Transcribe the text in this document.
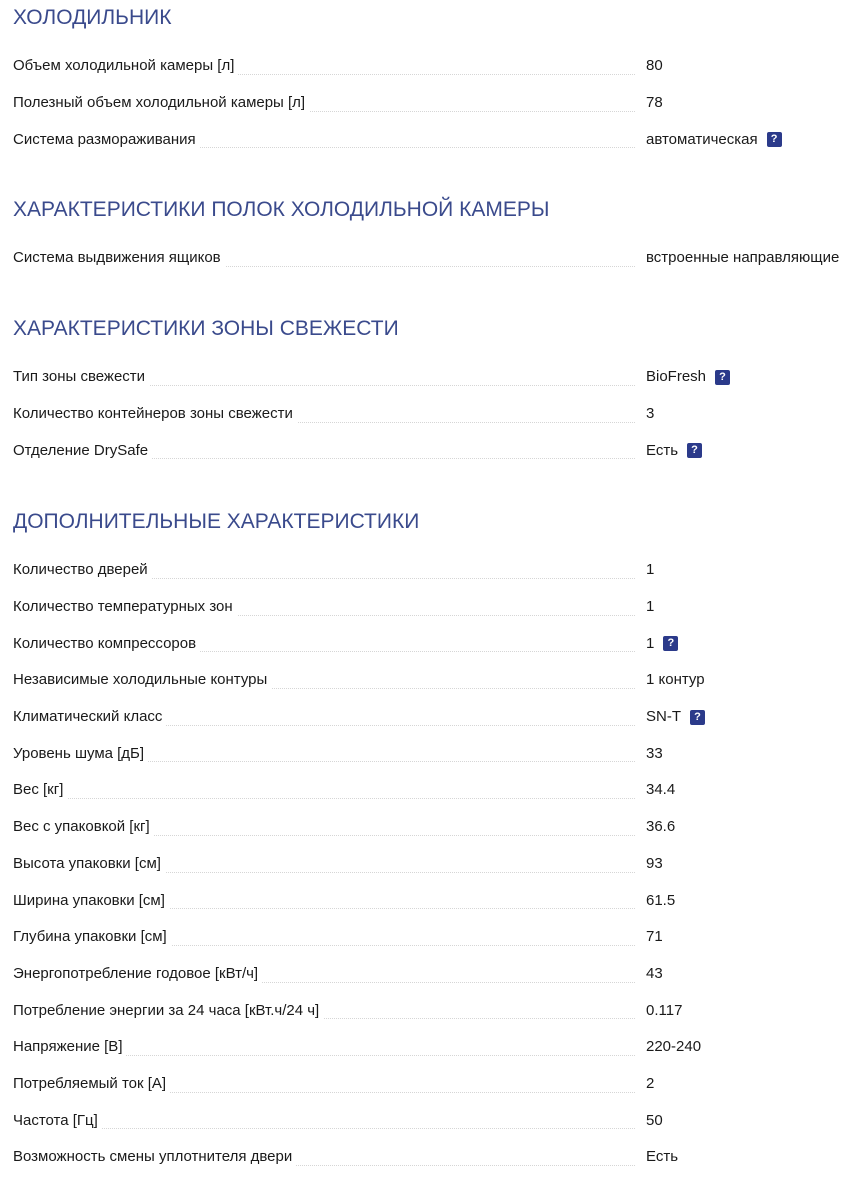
ХОЛОДИЛЬНИК
Объем холодильной камеры [л]	80
Полезный объем холодильной камеры [л]	78
Система размораживания	автоматическая	?
ХАРАКТЕРИСТИКИ ПОЛОК ХОЛОДИЛЬНОЙ КАМЕРЫ
Система выдвижения ящиков	встроенные направляющие
ХАРАКТЕРИСТИКИ ЗОНЫ СВЕЖЕСТИ
Тип зоны свежести	BioFresh	?
Количество контейнеров зоны свежести	3
Отделение DrySafe	Есть	?
ДОПОЛНИТЕЛЬНЫЕ ХАРАКТЕРИСТИКИ
Количество дверей	1
Количество температурных зон	1
Количество компрессоров	1	?
Независимые холодильные контуры	1 контур
Климатический класс	SN-T	?
Уровень шума [дБ]	33
Вес [кг]	34.4
Вес с упаковкой [кг]	36.6
Высота упаковки [см]	93
Ширина упаковки [см]	61.5
Глубина упаковки [см]	71
Энергопотребление годовое [кВт/ч]	43
Потребление энергии за 24 часа [кВт.ч/24 ч]	0.117
Напряжение [В]	220-240
Потребляемый ток [А]	2
Частота [Гц]	50
Возможность смены уплотнителя двери	Есть
